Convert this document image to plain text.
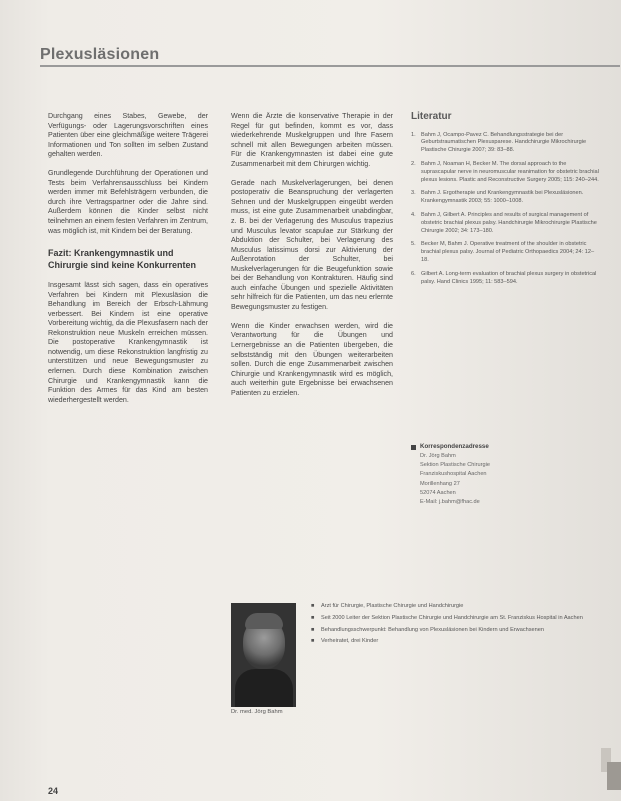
Plexusläsionen

Durchgang eines Stabes, Gewebe, der Verfügungs- oder Lagerungsvorschriften eines Patienten über eine gleichmäßige weitere Trägerei Informationen und Ton sollten im selben Zustand gehalten werden.

Grundlegende Durchführung der Operationen und Tests beim Verfahrensausschluss bei Kindern werden immer mit Befehlsträgern verbunden, die durch ihre Vertragspartner oder die Jahre sind. Außerdem können die Kinder selbst nicht teilnehmen an einem festen Verfahren im Zentrum, was möglich ist, mit Kindern bei der Beratung.

Fazit: Krankengymnastik und Chirurgie sind keine Konkurrenten

Insgesamt lässt sich sagen, dass ein operatives Verfahren bei Kindern mit Plexusläsion die Behandlung im Bereich der Erbsch-Lähmung verbessert. Bei Kindern ist eine operative Vorbereitung wichtig, da die Plexusfasern nach der Rekonstruktion neue Muskeln erreichen müssen. Die postoperative Krankengymnastik ist notwendig, um diese Rekonstruktion langfristig zu unterstützen und neue Bewegungsmuster zu erlernen. Durch diese Kombination zwischen Chirurgie und Krankengymnastik kann die Funktion des Armes für das Kind am besten wiederhergestellt werden.

Wenn die Ärzte die konservative Therapie in der Regel für gut befinden, kommt es vor, dass wiederkehrende Muskelgruppen und Ihre Fasern schnell mit allen Bewegungen arbeiten müssen. Für die Krankengymnasten ist dabei eine gute Zusammenarbeit mit dem Chirurgen wichtig.

Gerade nach Muskelverlagerungen, bei denen postoperativ die Beanspruchung der verlagerten Sehnen und der Muskelgruppen eingeübt werden muss, ist eine gute Zusammenarbeit unabdingbar, z. B. bei der Verlagerung des Musculus trapezius und Musculus levator scapulae zur Stärkung der Abduktion der Schulter, bei Verlagerung des Musculus latissimus dorsi zur Aktivierung der Außenrotation der Schulter, bei Muskelverlagerungen für die Beugefunktion sowie bei der Behandlung von Kontrakturen. Häufig sind auch einfache Übungen und spezielle Aktivitäten sehr hilfreich für die Patienten, um das neu erlernte Bewegungsmuster zu festigen.

Wenn die Kinder erwachsen werden, wird die Verantwortung für die Übungen und Lernergebnisse an die Patienten übergeben, die selbstständig mit den Übungen weiterarbeiten sollen. Durch die enge Zusammenarbeit zwischen Chirurgie und Krankengymnastik wird es möglich, auch weiterhin gute Ergebnisse bei erwachsenen Patienten zu erzielen.

Literatur
1. Bahm J, Ocampo-Pavez C. Behandlungsstrategie bei der Geburtstraumatischen Plexusparese. Handchirurgie Mikrochirurgie Plastische Chirurgie 2007; 39: 83–88.
2. Bahm J, Noaman H, Becker M. The dorsal approach to the suprascapular nerve in neuromuscular reanimation for obstetric brachial plexus lesions. Plastic and Reconstructive Surgery 2005; 115: 240–244.
3. Bahm J. Ergotherapie und Krankengymnastik bei Plexusläsionen. Krankengymnastik 2003; 55: 1000–1008.
4. Bahm J, Gilbert A. Principles and results of surgical management of obstetric brachial plexus palsy. Handchirurgie Mikrochirurgie Plastische Chirurgie 2002; 34: 173–180.
5. Becker M, Bahm J. Operative treatment of the shoulder in obstetric brachial plexus palsy. Journal of Pediatric Orthopaedics 2004; 24: 12–18.
6. Gilbert A. Long-term evaluation of brachial plexus surgery in obstetrical palsy. Hand Clinics 1995; 11: 583–594.
Korrespondenzadresse
Dr. Jörg Bahm
Sektion Plastische Chirurgie
Franziskushospital Aachen
Morillenhang 27
52074 Aachen
E-Mail: j.bahm@fhac.de
Dr. med. Jörg Bahm
■	Arzt für Chirurgie, Plastische Chirurgie und Handchirurgie
■	Seit 2000 Leiter der Sektion Plastische Chirurgie und Handchirurgie am St. Franziskus Hospital in Aachen
■	Behandlungsschwerpunkt: Behandlung von Plexusläsionen bei Kindern und Erwachsenen
■	Verheiratet, drei Kinder
24
